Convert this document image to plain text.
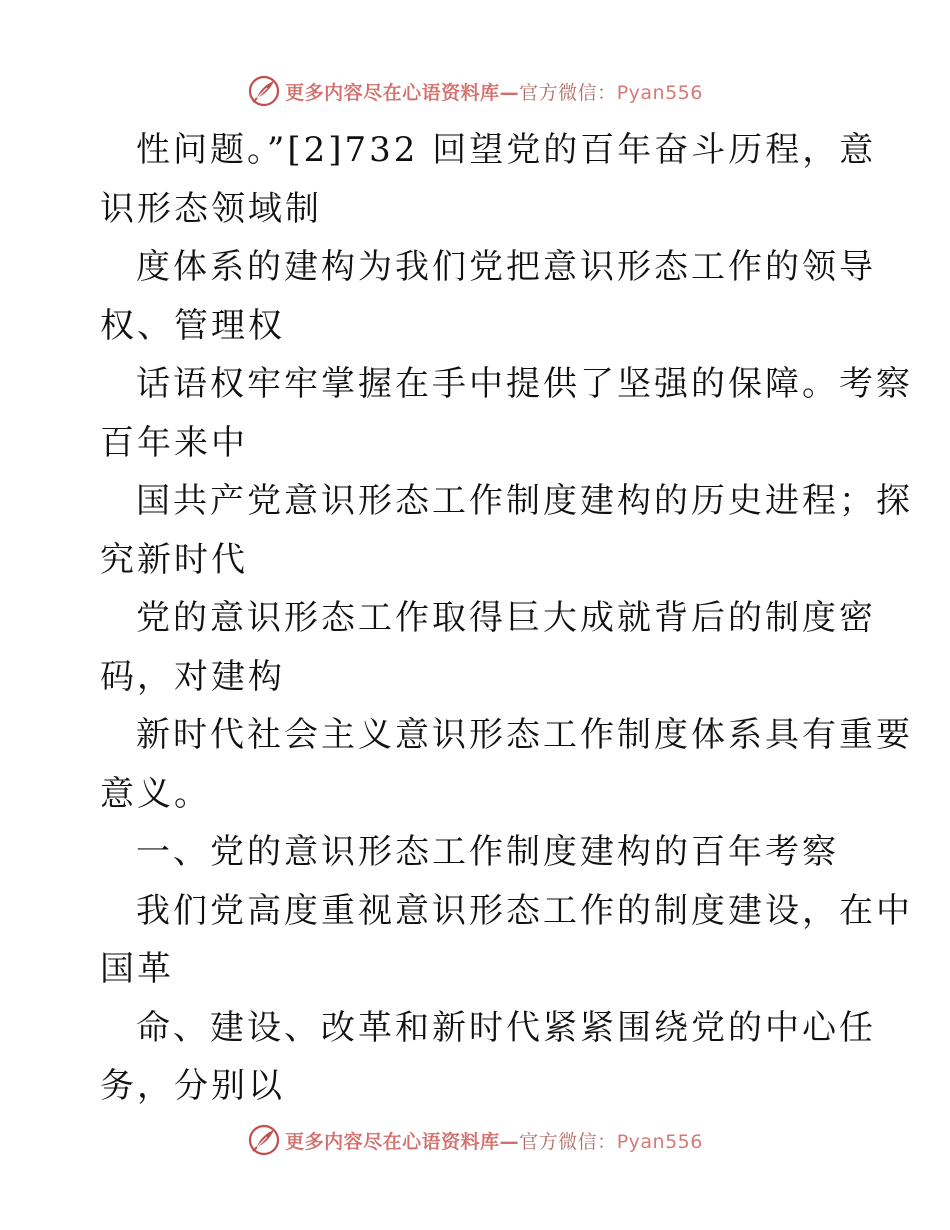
更多内容尽在心语资料库—官方微信：Pyan556
性问题。”[2]732 回望党的百年奋斗历程，意
识形态领域制
度体系的建构为我们党把意识形态工作的领导
权、管理权
话语权牢牢掌握在手中提供了坚强的保障。考察
百年来中
国共产党意识形态工作制度建构的历史进程；探
究新时代
党的意识形态工作取得巨大成就背后的制度密
码，对建构
新时代社会主义意识形态工作制度体系具有重要
意义。
一、党的意识形态工作制度建构的百年考察
我们党高度重视意识形态工作的制度建设，在中
国革
命、建设、改革和新时代紧紧围绕党的中心任
务，分别以
更多内容尽在心语资料库—官方微信：Pyan556
